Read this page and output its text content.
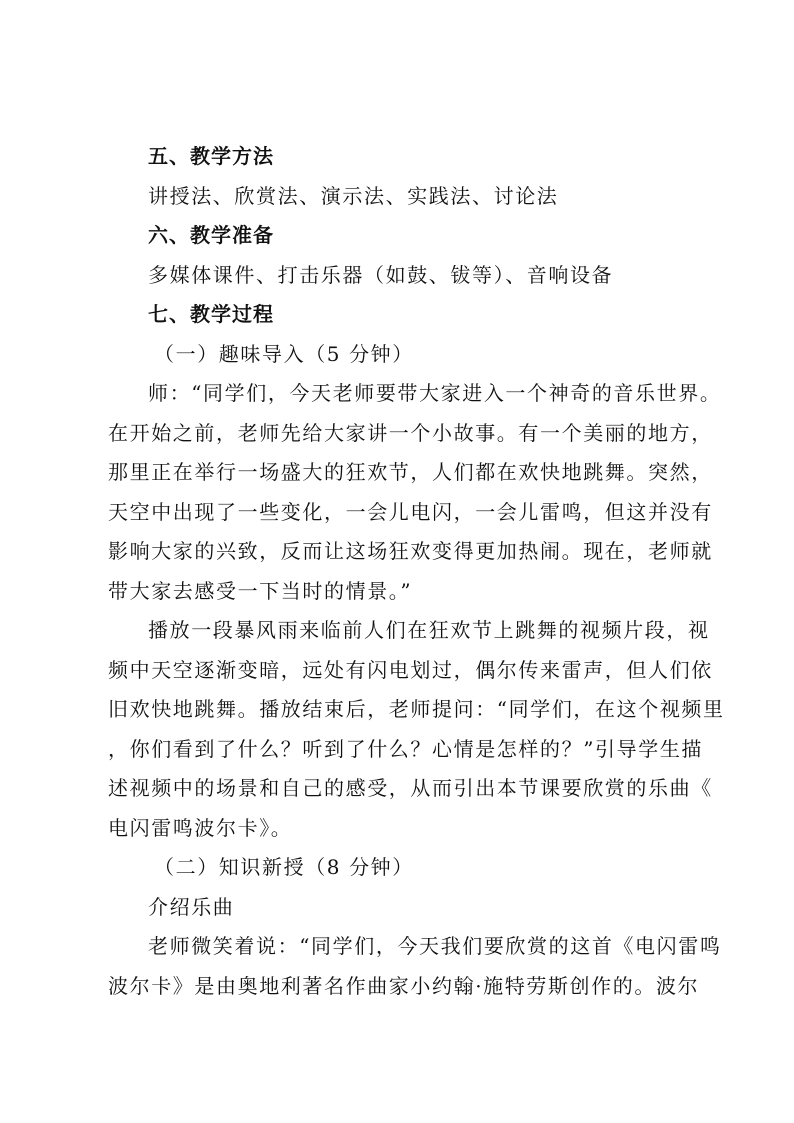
五、教学方法
讲授法、欣赏法、演示法、实践法、讨论法
六、教学准备
多媒体课件、打击乐器（如鼓、钹等）、音响设备
七、教学过程
（一）趣味导入（5 分钟）
师：“同学们，今天老师要带大家进入一个神奇的音乐世界。
在开始之前，老师先给大家讲一个小故事。有一个美丽的地方，
那里正在举行一场盛大的狂欢节，人们都在欢快地跳舞。突然，
天空中出现了一些变化，一会儿电闪，一会儿雷鸣，但这并没有
影响大家的兴致，反而让这场狂欢变得更加热闹。现在，老师就
带大家去感受一下当时的情景。”
播放一段暴风雨来临前人们在狂欢节上跳舞的视频片段，视
频中天空逐渐变暗，远处有闪电划过，偶尔传来雷声，但人们依
旧欢快地跳舞。播放结束后，老师提问：“同学们，在这个视频里
，你们看到了什么？听到了什么？心情是怎样的？”引导学生描
述视频中的场景和自己的感受，从而引出本节课要欣赏的乐曲《
电闪雷鸣波尔卡》。
（二）知识新授（8 分钟）
介绍乐曲
老师微笑着说：“同学们，今天我们要欣赏的这首《电闪雷鸣
波尔卡》是由奥地利著名作曲家小约翰·施特劳斯创作的。波尔
